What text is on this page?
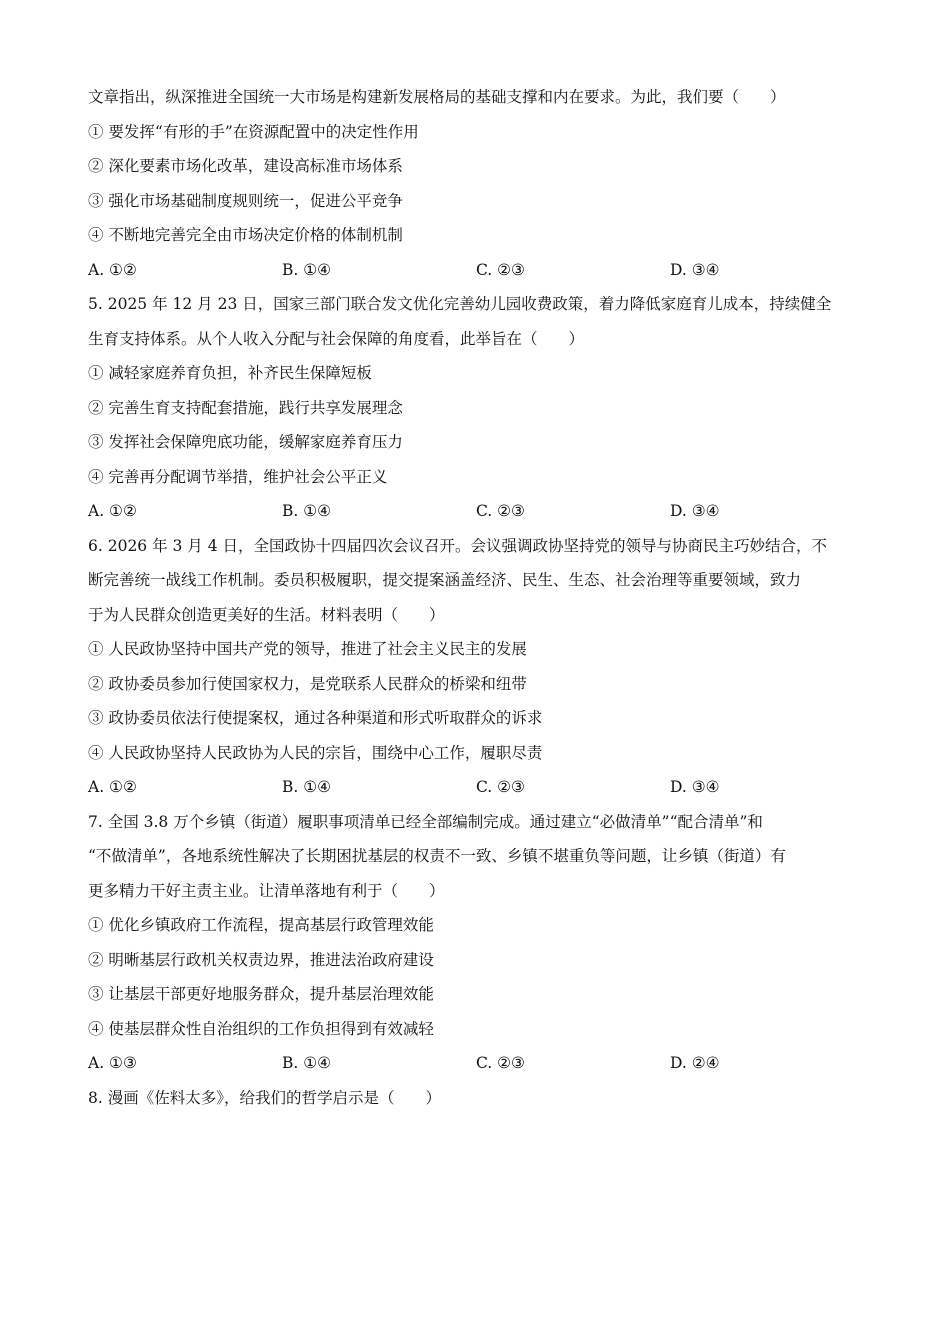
文章指出，纵深推进全国统一大市场是构建新发展格局的基础支撑和内在要求。为此，我们要（　　）
① 要发挥“有形的手”在资源配置中的决定性作用
② 深化要素市场化改革，建设高标准市场体系
③ 强化市场基础制度规则统一，促进公平竞争
④ 不断地完善完全由市场决定价格的体制机制
A. ①②	B. ①④	C. ②③	D. ③④
5. 2025 年 12 月 23 日，国家三部门联合发文优化完善幼儿园收费政策，着力降低家庭育儿成本，持续健全
生育支持体系。从个人收入分配与社会保障的角度看，此举旨在（　　）
① 减轻家庭养育负担，补齐民生保障短板
② 完善生育支持配套措施，践行共享发展理念
③ 发挥社会保障兜底功能，缓解家庭养育压力
④ 完善再分配调节举措，维护社会公平正义
A. ①②	B. ①④	C. ②③	D. ③④
6. 2026 年 3 月 4 日，全国政协十四届四次会议召开。会议强调政协坚持党的领导与协商民主巧妙结合，不
断完善统一战线工作机制。委员积极履职，提交提案涵盖经济、民生、生态、社会治理等重要领域，致力
于为人民群众创造更美好的生活。材料表明（　　）
① 人民政协坚持中国共产党的领导，推进了社会主义民主的发展
② 政协委员参加行使国家权力，是党联系人民群众的桥梁和纽带
③ 政协委员依法行使提案权，通过各种渠道和形式听取群众的诉求
④ 人民政协坚持人民政协为人民的宗旨，围绕中心工作，履职尽责
A. ①②	B. ①④	C. ②③	D. ③④
7. 全国 3.8 万个乡镇（街道）履职事项清单已经全部编制完成。通过建立“必做清单”“配合清单”和
“不做清单”，各地系统性解决了长期困扰基层的权责不一致、乡镇不堪重负等问题，让乡镇（街道）有
更多精力干好主责主业。让清单落地有利于（　　）
① 优化乡镇政府工作流程，提高基层行政管理效能
② 明晰基层行政机关权责边界，推进法治政府建设
③ 让基层干部更好地服务群众，提升基层治理效能
④ 使基层群众性自治组织的工作负担得到有效减轻
A. ①③	B. ①④	C. ②③	D. ②④
8. 漫画《佐料太多》，给我们的哲学启示是（　　）
